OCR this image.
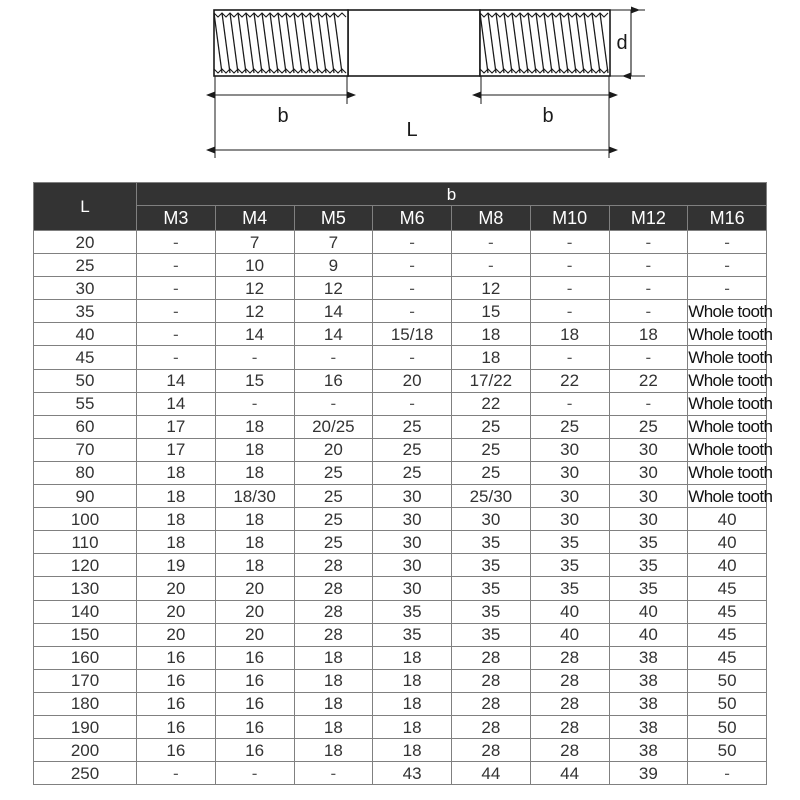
d
b	b
L
L	b							
	M3	M4	M5	M6	M8	M10	M12	M16
20	-	7	7	-	-	-	-	-
25	-	10	9	-	-	-	-	-
30	-	12	12	-	12	-	-	-
35	-	12	14	-	15	-	-	Whole tooth
40	-	14	14	15/18	18	18	18	Whole tooth
45	-	-	-	-	18	-	-	Whole tooth
50	14	15	16	20	17/22	22	22	Whole tooth
55	14	-	-	-	22	-	-	Whole tooth
60	17	18	20/25	25	25	25	25	Whole tooth
70	17	18	20	25	25	30	30	Whole tooth
80	18	18	25	25	25	30	30	Whole tooth
90	18	18/30	25	30	25/30	30	30	Whole tooth
100	18	18	25	30	30	30	30	40
110	18	18	25	30	35	35	35	40
120	19	18	28	30	35	35	35	40
130	20	20	28	30	35	35	35	45
140	20	20	28	35	35	40	40	45
150	20	20	28	35	35	40	40	45
160	16	16	18	18	28	28	38	45
170	16	16	18	18	28	28	38	50
180	16	16	18	18	28	28	38	50
190	16	16	18	18	28	28	38	50
200	16	16	18	18	28	28	38	50
250	-	-	-	43	44	44	39	-
